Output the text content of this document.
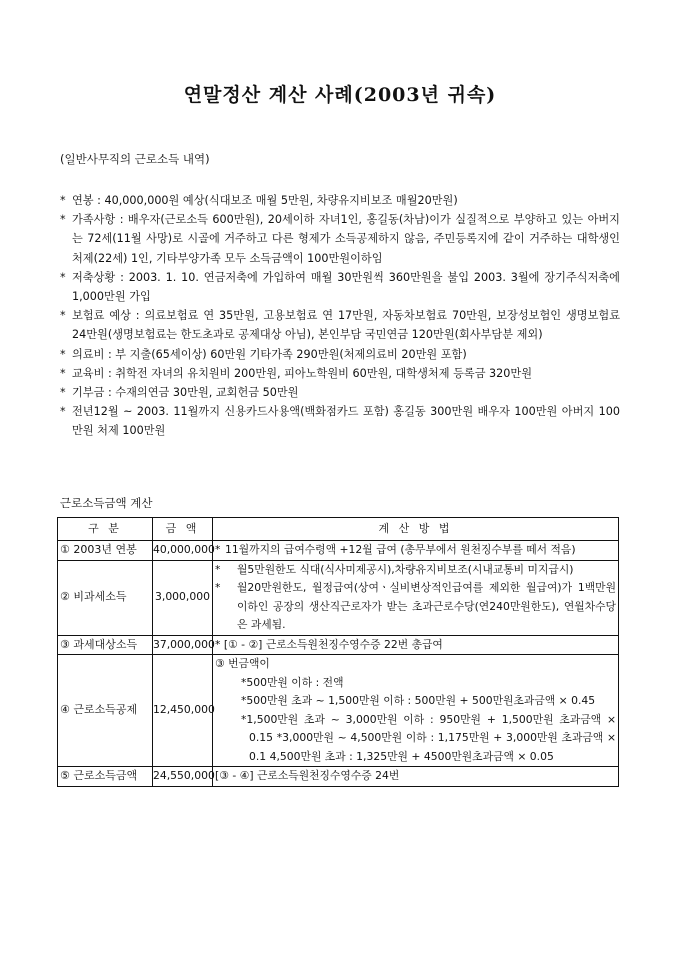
연말정산 계산 사례(2003년 귀속)
(일반사무직의 근로소득 내역)
* 연봉 : 40,000,000원 예상(식대보조 매월 5만원, 차량유지비보조 매월20만원)
* 가족사항 : 배우자(근로소득 600만원), 20세이하 자녀1인, 홍길동(차남)이가 실질적으로 부양하고 있는 아버지는 72세(11월 사망)로 시골에 거주하고 다른 형제가 소득공제하지 않음, 주민등록지에 같이 거주하는 대학생인 처제(22세) 1인, 기타부양가족 모두 소득금액이 100만원이하임
* 저축상황 : 2003. 1. 10. 연금저축에 가입하여 매월 30만원씩 360만원을 불입 2003. 3월에 장기주식저축에 1,000만원 가입
* 보험료 예상 : 의료보험료 연 35만원, 고용보험료 연 17만원, 자동차보험료 70만원, 보장성보험인 생명보험료 24만원(생명보험료는 한도초과로 공제대상 아님), 본인부담 국민연금 120만원(회사부담분 제외)
* 의료비 : 부 지출(65세이상) 60만원 기타가족 290만원(처제의료비 20만원 포함)
* 교육비 : 취학전 자녀의 유치원비 200만원, 피아노학원비 60만원, 대학생처제 등록금 320만원
* 기부금 : 수재의연금 30만원, 교회헌금 50만원
* 전년12월 ~ 2003. 11월까지 신용카드사용액(백화점카드 포함) 홍길동 300만원 배우자 100만원 아버지 100만원 처제 100만원
근로소득금액 계산
구 분	금 액	계 산 방 법
① 2003년 연봉	40,000,000	* 11월까지의 급여수령액 +12월 급여 (총무부에서 원천징수부를 떼서 적음)

② 비과세소득	3,000,000	* 월5만원한도 식대(식사미제공시),차량유지비보조(시내교통비 미지급시)
* 월20만원한도, 월정급여(상여ㆍ실비변상적인급여를 제외한 월급여)가 1백만원이하인 공장의 생산직근로자가 받는 초과근로수당(연240만원한도), 연월차수당은 과세됨.

③ 과세대상소득	37,000,000	* [① - ②] 근로소득원천징수영수증 22번 총급여
④ 근로소득공제	12,450,000	③ 번금액이
*500만원 이하 : 전액
*500만원 초과 ~ 1,500만원 이하 : 500만원 + 500만원초과금액 × 0.45
*1,500만원 초과 ~ 3,000만원 이하 : 950만원 + 1,500만원 초과금액 × 0.15 *3,000만원 ~ 4,500만원 이하 : 1,175만원 + 3,000만원 초과금액 × 0.1 4,500만원 초과 : 1,325만원 + 4500만원초과금액 × 0.05

⑤ 근로소득금액	24,550,000	[③ - ④] 근로소득원천징수영수증 24번
